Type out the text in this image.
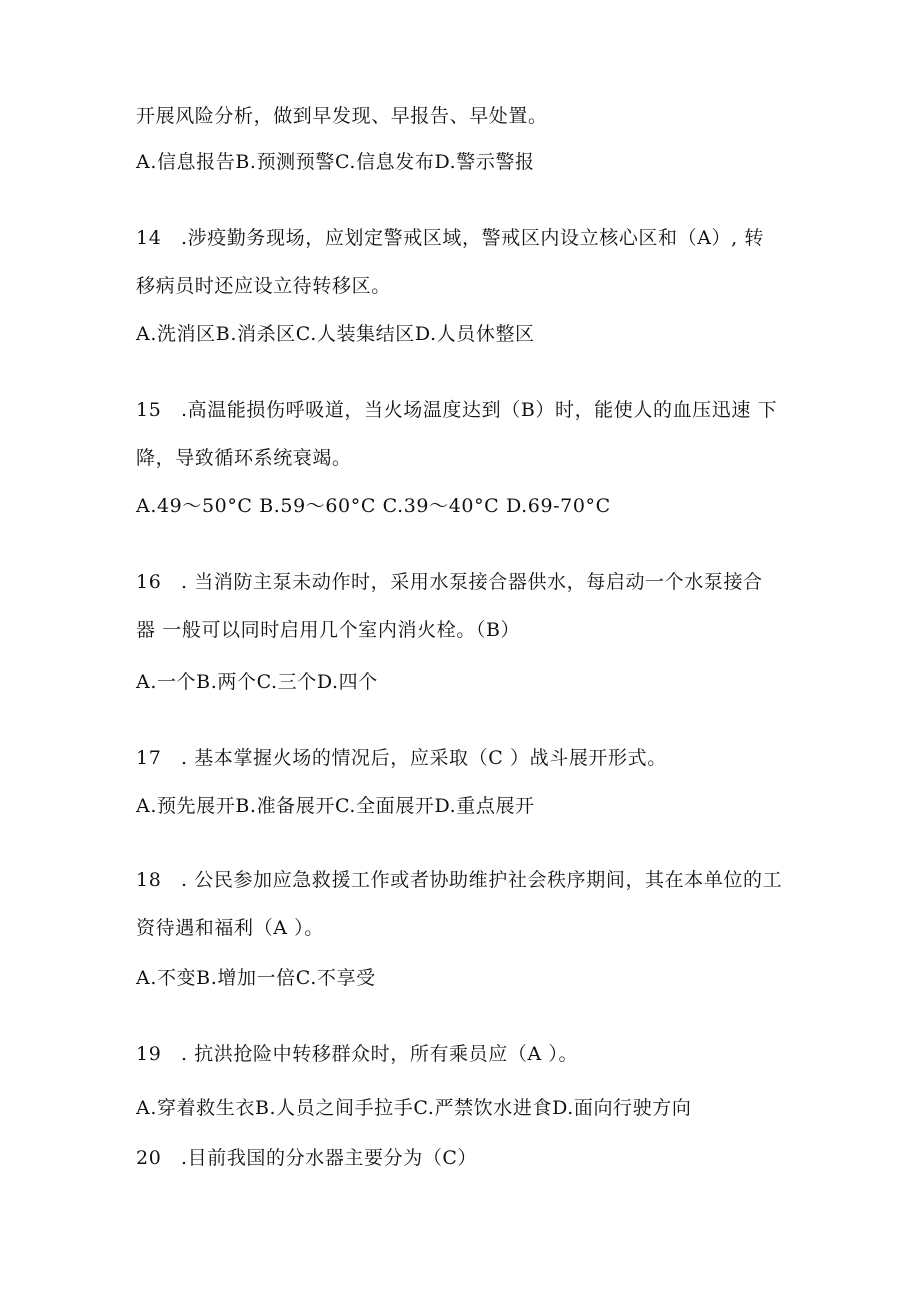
开展风险分析，做到早发现、早报告、早处置。
A.信息报告B.预测预警C.信息发布D.警示警报
14　.涉疫勤务现场，应划定警戒区域，警戒区内设立核心区和（A）, 转
移病员时还应设立待转移区。
A.洗消区B.消杀区C.人装集结区D.人员休整区
15　.高温能损伤呼吸道，当火场温度达到（B）时，能使人的血压迅速 下
降，导致循环系统衰竭。
A.49～50°C B.59～60°C C.39～40°C D.69-70°C
16　. 当消防主泵未动作时，采用水泵接合器供水，每启动一个水泵接合
器 一般可以同时启用几个室内消火栓。（B）
A.一个B.两个C.三个D.四个
17　. 基本掌握火场的情况后，应采取（C ）战斗展开形式。
A.预先展开B.准备展开C.全面展开D.重点展开
18　. 公民参加应急救援工作或者协助维护社会秩序期间，其在本单位的工
资待遇和福利（A ）。
A.不变B.增加一倍C.不享受
19　. 抗洪抢险中转移群众时，所有乘员应（A ）。
A.穿着救生衣B.人员之间手拉手C.严禁饮水进食D.面向行驶方向
20　.目前我国的分水器主要分为（C）
